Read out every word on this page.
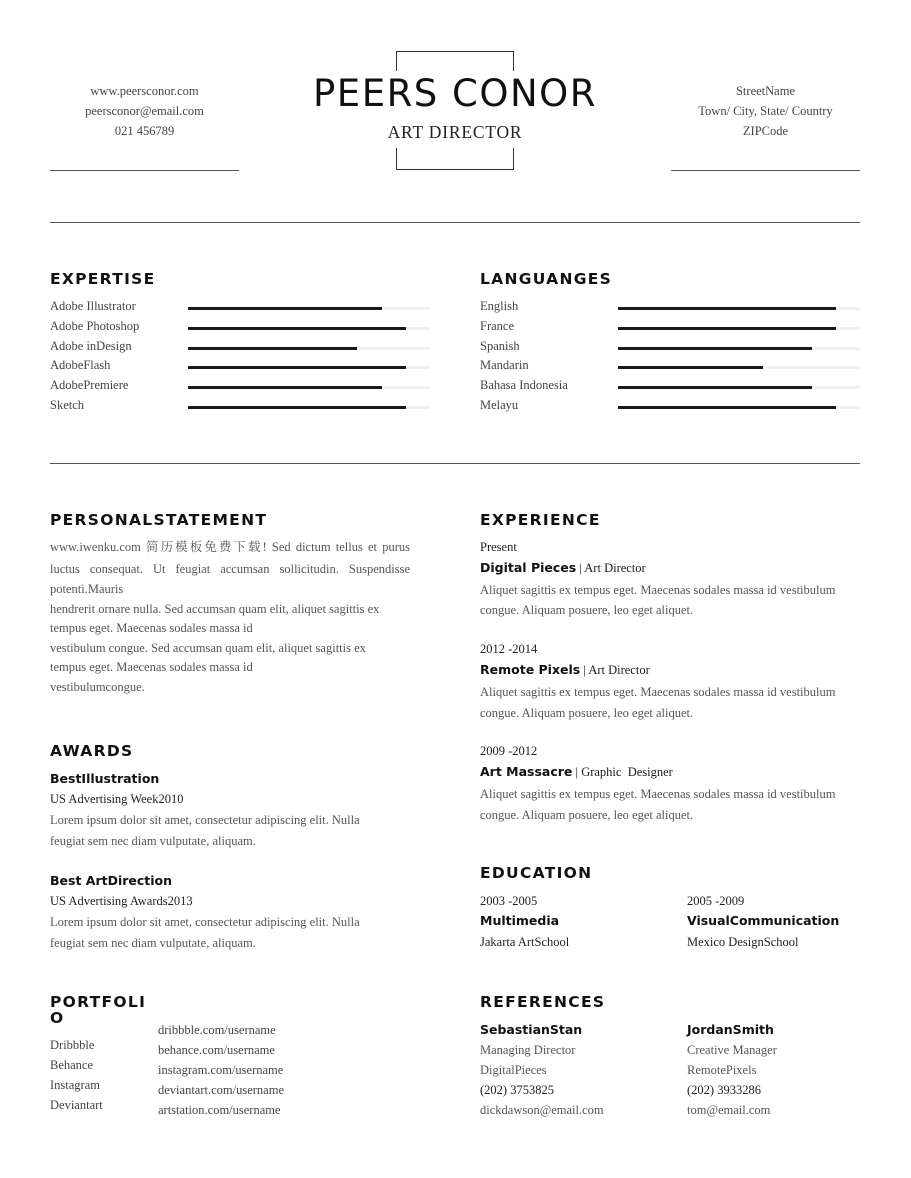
www.peersconor.com
peersconor@email.com
021 456789
PEERS CONOR
ART DIRECTOR
StreetName
Town/ City, State/ Country
ZIPCode
EXPERTISE
Adobe Illustrator
Adobe Photoshop
Adobe inDesign
AdobeFlash
AdobePremiere
Sketch
LANGUANGES
English
France
Spanish
Mandarin
Bahasa Indonesia
Melayu
PERSONALSTATEMENT
www.iwenku.com 简历模板免费下载! Sed dictum tellus et purus
luctus consequat. Ut feugiat accumsan sollicitudin. Suspendisse
potenti.Mauris
hendrerit ornare nulla. Sed accumsan quam elit, aliquet sagittis ex
tempus eget. Maecenas sodales massa id
vestibulum congue. Sed accumsan quam elit, aliquet sagittis ex
tempus eget. Maecenas sodales massa id
vestibulumcongue.
AWARDS
BestIllustration
US Advertising Week2010
Lorem ipsum dolor sit amet, consectetur adipiscing elit. Nulla
feugiat sem nec diam vulputate, aliquam.
Best ArtDirection
US Advertising Awards2013
Lorem ipsum dolor sit amet, consectetur adipiscing elit. Nulla
feugiat sem nec diam vulputate, aliquam.
PORTFOLI
O
Dribbble
Behance
Instagram
Deviantart
dribbble.com/username
behance.com/username
instagram.com/username
deviantart.com/username
artstation.com/username
EXPERIENCE
Present
Digital Pieces | Art Director
Aliquet sagittis ex tempus eget. Maecenas sodales massa id vestibulum
congue. Aliquam posuere, leo eget aliquet.
2012 -2014
Remote Pixels | Art Director
Aliquet sagittis ex tempus eget. Maecenas sodales massa id vestibulum
congue. Aliquam posuere, leo eget aliquet.
2009 -2012
Art Massacre | Graphic  Designer
Aliquet sagittis ex tempus eget. Maecenas sodales massa id vestibulum
congue. Aliquam posuere, leo eget aliquet.
EDUCATION
2003 -2005
Multimedia
Jakarta ArtSchool
2005 -2009
VisualCommunication
Mexico DesignSchool
REFERENCES
SebastianStan
Managing Director
DigitalPieces
(202) 3753825
dickdawson@email.com
JordanSmith
Creative Manager
RemotePixels
(202) 3933286
tom@email.com
